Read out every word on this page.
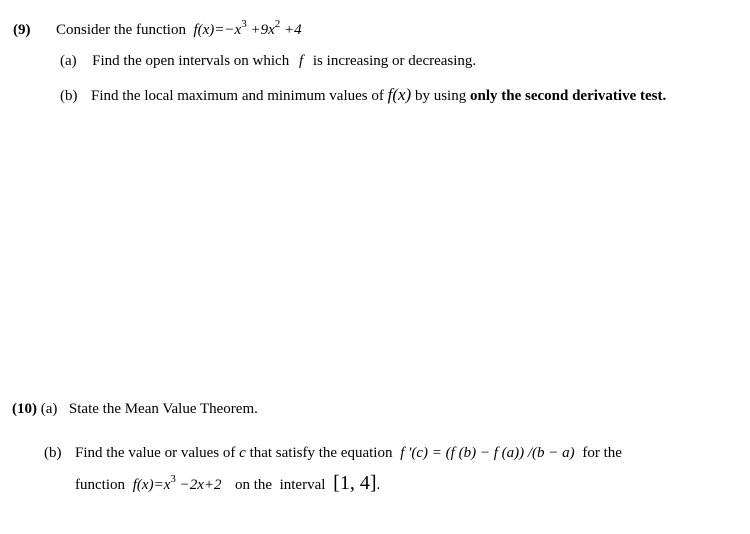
(9) Consider the function $f(x)=-x^3 +9x^2 +4$
(a) Find the open intervals on which f is increasing or decreasing.
(b) Find the local maximum and minimum values of f(x) by using only the second derivative test.
(10) (a) State the Mean Value Theorem.
(b) Find the value or values of c that satisfy the equation f ′(c) = (f (b) − f (a)) /(b − a) for the
function $f(x)=x^3 -2x+2$ on the  interval [1, 4].
